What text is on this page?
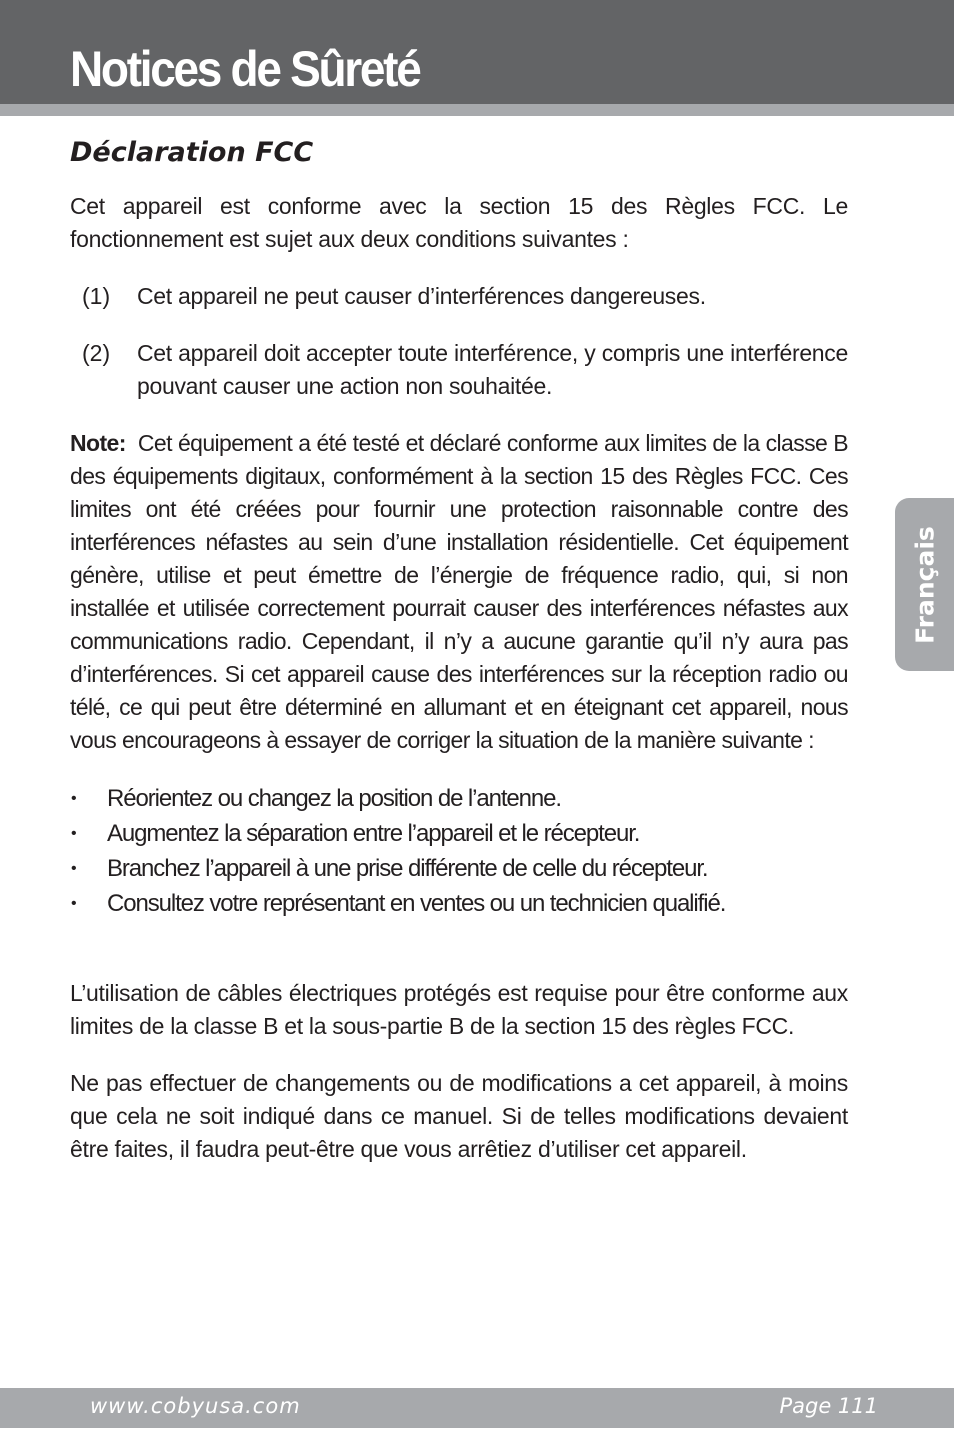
Notices de Sûreté
Déclaration FCC

Cet appareil est conforme avec la section 15 des Règles FCC. Le fonctionnement est sujet aux deux conditions suivantes :

(1)	Cet appareil ne peut causer d’interférences dangereuses.
(2)	Cet appareil doit accepter toute interférence, y compris une interférence pouvant causer une action non souhaitée.

Note: Cet équipement a été testé et déclaré conforme aux limites de la classe B des équipements digitaux, conformément à la section 15 des Règles FCC. Ces limites ont été créées pour fournir une protection raisonnable contre des interférences néfastes au sein d’une installation résidentielle. Cet équipement génère, utilise et peut émettre de l’énergie de fréquence radio, qui, si non installée et utilisée correctement pourrait causer des interférences néfastes aux communications radio. Cependant, il n’y a aucune garantie qu’il n’y aura pas d’interférences. Si cet appareil cause des interférences sur la réception radio ou télé, ce qui peut être déterminé en allumant et en éteignant cet appareil, nous vous encourageons à essayer de corriger la situation de la manière suivante :

•	Réorientez ou changez la position de l’antenne.
•	Augmentez la séparation entre l’appareil et le récepteur.
•	Branchez l’appareil à une prise différente de celle du récepteur.
•	Consultez votre représentant en ventes ou un technicien qualifié.

L’utilisation de câbles électriques protégés est requise pour être conforme aux limites de la classe B et la sous-partie B de la section 15 des règles FCC.

Ne pas effectuer de changements ou de modifications a cet appareil, à moins que cela ne soit indiqué dans ce manuel. Si de telles modifications devaient être faites, il faudra peut-être que vous arrêtiez d’utiliser cet appareil.

Français
www.cobyusa.com	Page 111
